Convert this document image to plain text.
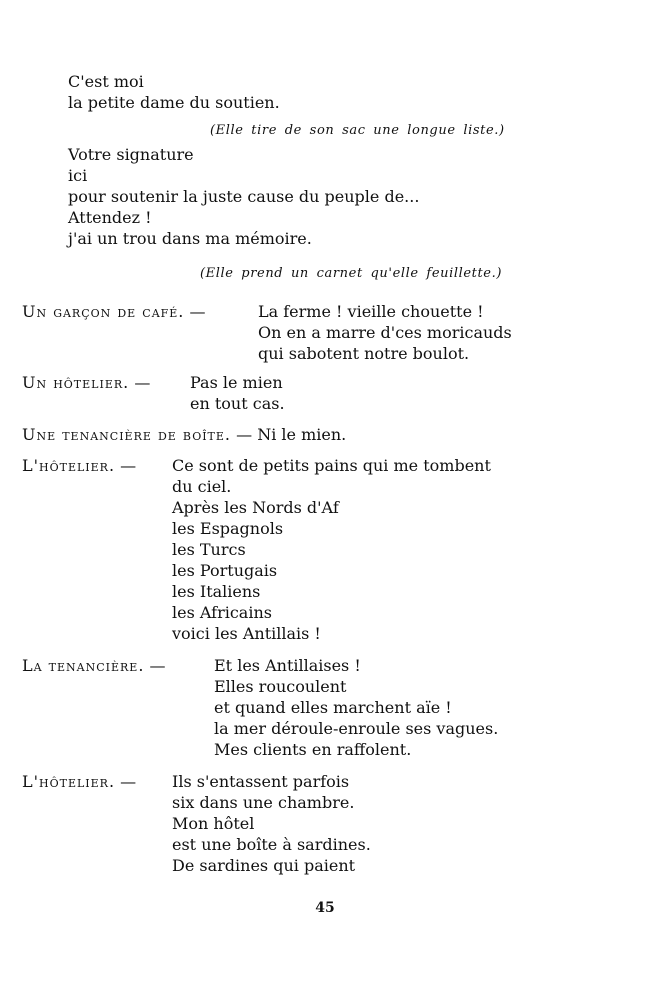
C'est moi
la petite dame du soutien.
(Elle tire de son sac une longue liste.)
Votre signature
ici
pour soutenir la juste cause du peuple de...
Attendez !
j'ai un trou dans ma mémoire.
(Elle prend un carnet qu'elle feuillette.)
Un garçon de café. —	La ferme ! vieille chouette !
On en a marre d'ces moricauds
qui sabotent notre boulot.
Un hôtelier. — Pas le mien
en tout cas.
Une tenancière de boîte. — Ni le mien.
L'hôtelier. — Ce sont de petits pains qui me tombent
du ciel.
Après les Nords d'Af
les Espagnols
les Turcs
les Portugais
les Italiens
les Africains
voici les Antillais !
La tenancière. —	Et les Antillaises !
Elles roucoulent
et quand elles marchent aïe !
la mer déroule-enroule ses vagues.
Mes clients en raffolent.
L'hôtelier. — Ils s'entassent parfois
six dans une chambre.
Mon hôtel
est une boîte à sardines.
De sardines qui paient
45
